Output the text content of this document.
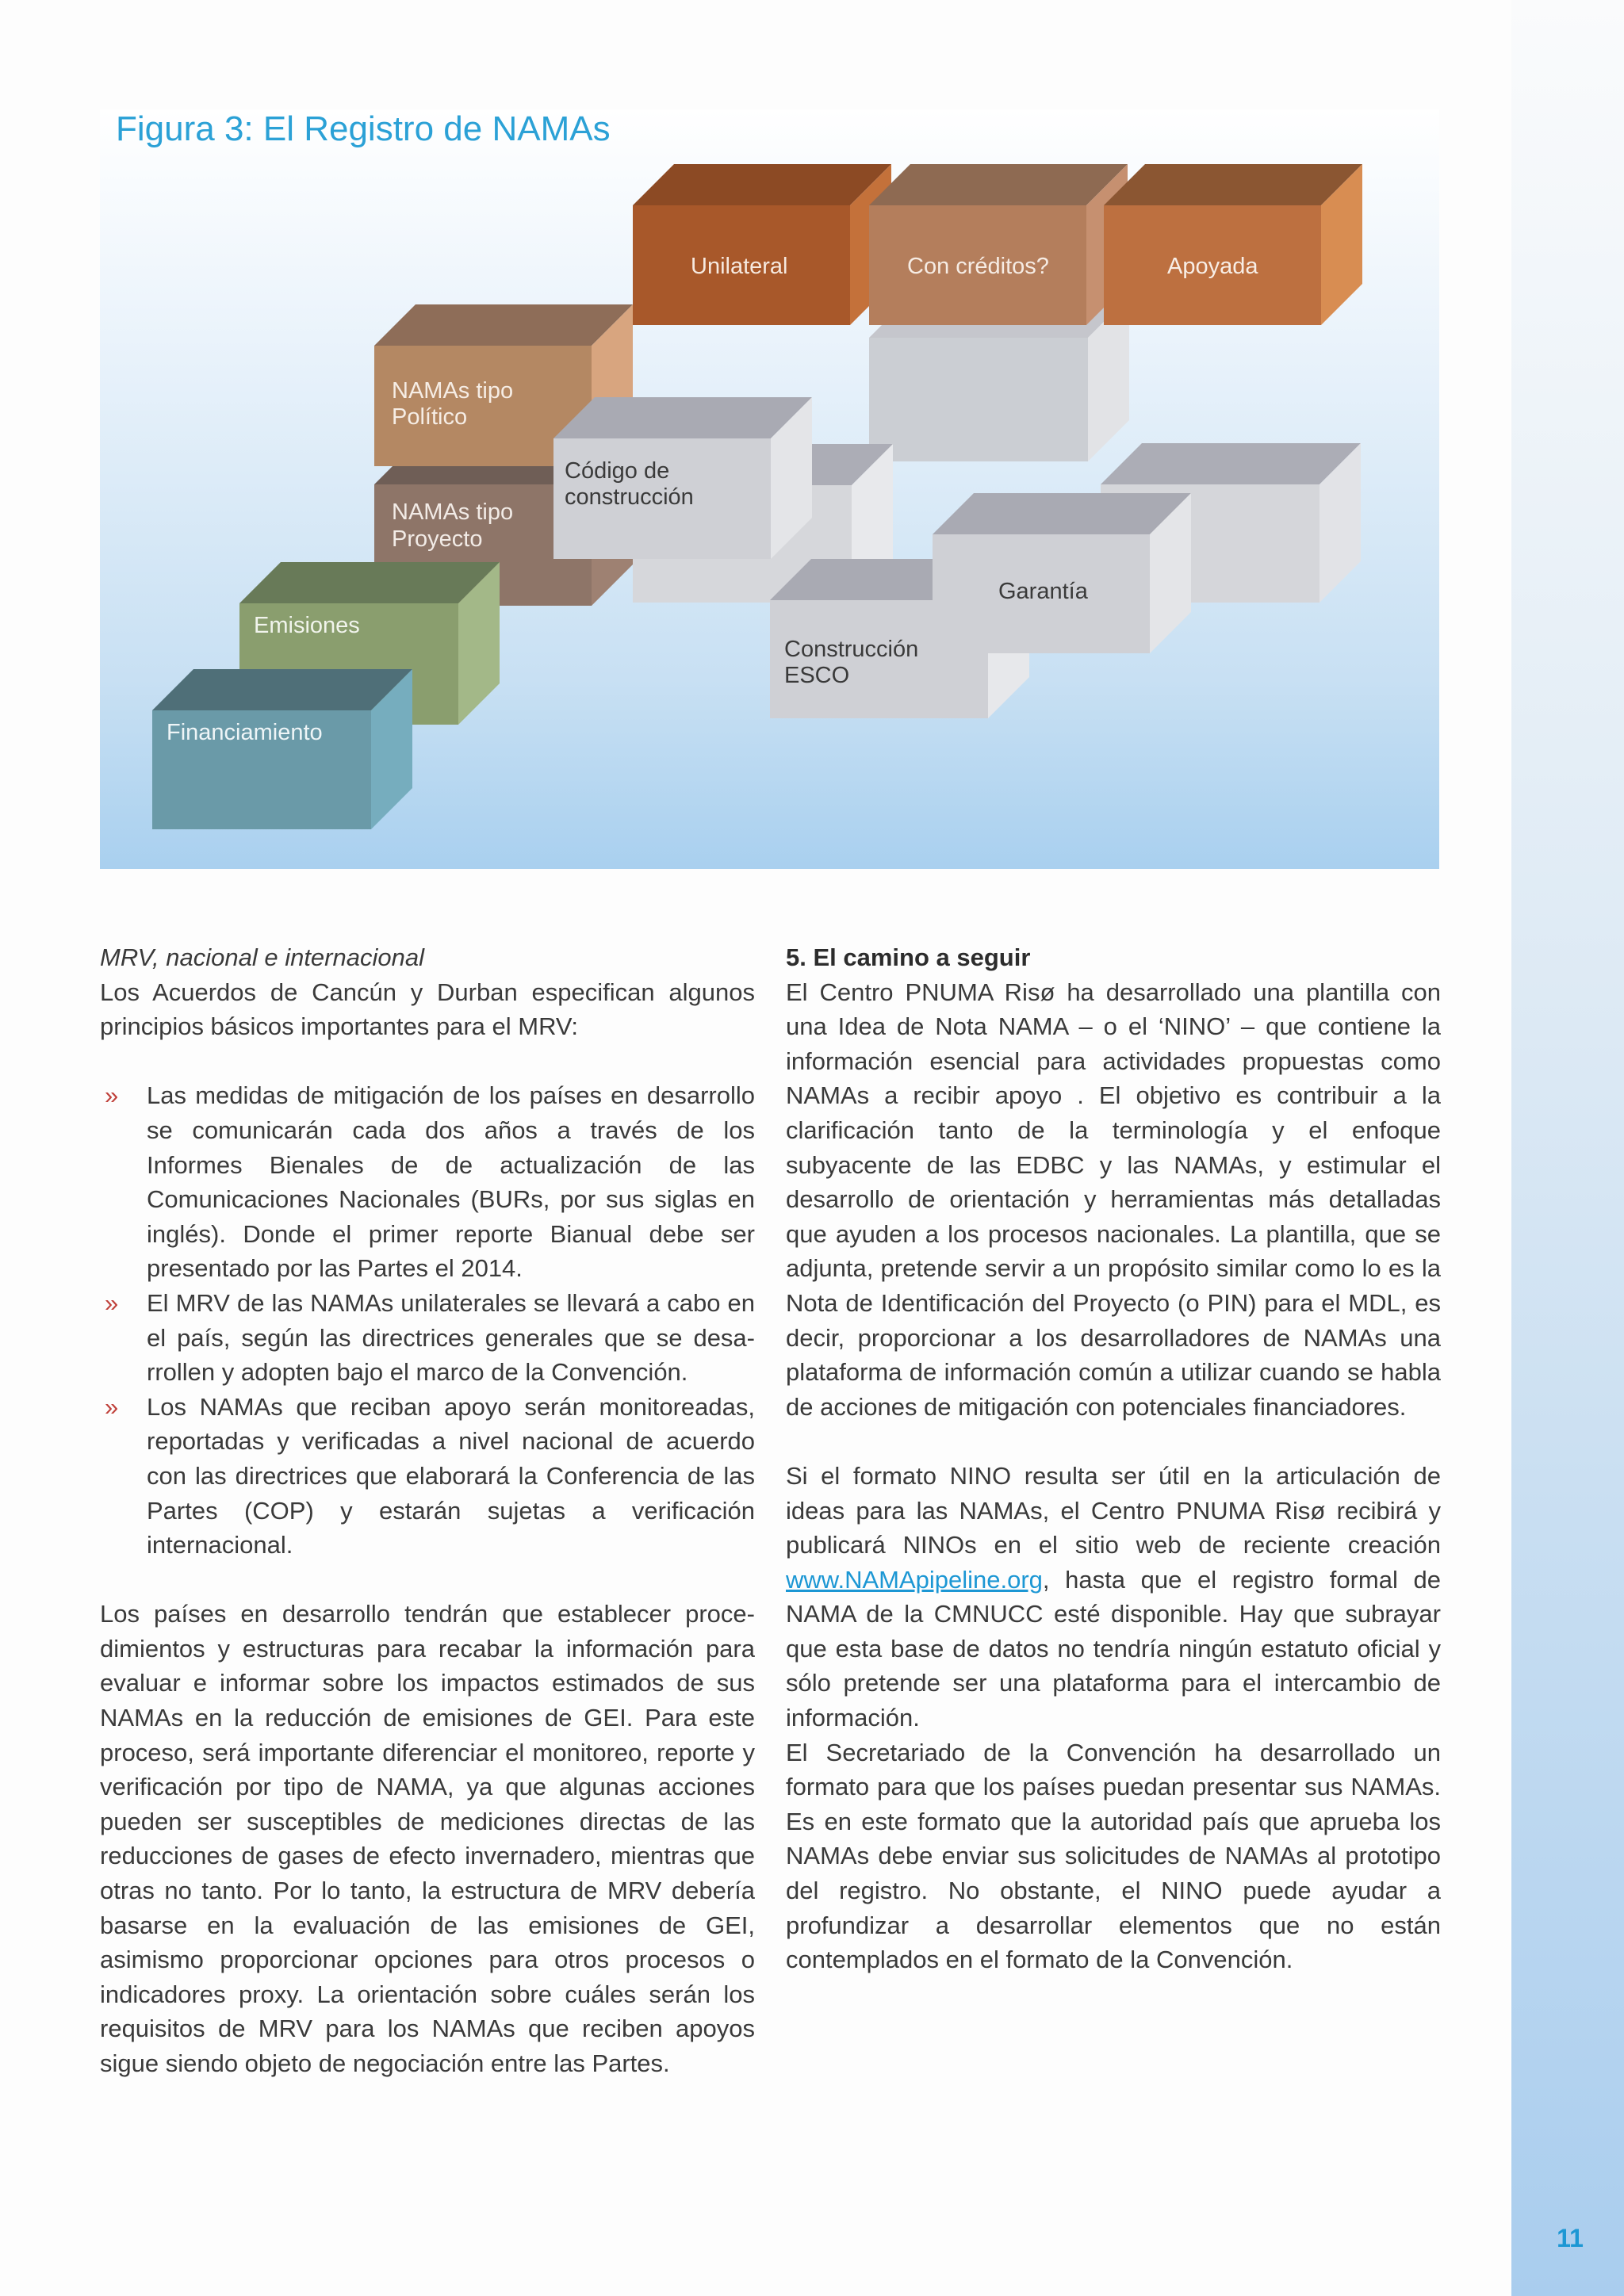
Unilateral	Con créditos?	Apoyada
NAMAs tipo
Proyecto
NAMAs tipo
Político
Código de
construcción
Emisiones
Financiamiento
Construcción
ESCO
Garantía
Figura 3: El Registro de NAMAs

MRV, nacional e internacional

Los Acuerdos de Cancún y Durban especifican algunos principios básicos importantes para el MRV:

» Las medidas de mitigación de los países en desarrollo se comunicarán cada dos años a través de los Informes Bienales de de actualización de las Comunicaciones Nacionales (BURs, por sus siglas en inglés). Donde el primer reporte Bianual debe ser presentado por las Partes el 2014.
» El MRV de las NAMAs unilaterales se llevará a cabo en el país, según las directrices generales que se desa-rrollen y adopten bajo el marco de la Convención.
» Los NAMAs que reciban apoyo serán monitoreadas, reportadas y verificadas a nivel nacional de acuerdo con las directrices que elaborará la Conferencia de las Partes (COP) y estarán sujetas a verificación internacional.

Los países en desarrollo tendrán que establecer proce-dimientos y estructuras para recabar la información para evaluar e informar sobre los impactos estimados de sus NAMAs en la reducción de emisiones de GEI. Para este proceso, será importante diferenciar el monitoreo, reporte y verificación por tipo de NAMA, ya que algunas acciones pueden ser susceptibles de mediciones directas de las reducciones de gases de efecto invernadero, mientras que otras no tanto. Por lo tanto, la estructura de MRV debería basarse en la evaluación de las emisiones de GEI, asimismo proporcionar opciones para otros procesos o indicadores proxy. La orientación sobre cuáles serán los requisitos de MRV para los NAMAs que reciben apoyos sigue siendo objeto de negociación entre las Partes.

5. El camino a seguir

El Centro PNUMA Risø ha desarrollado una plantilla con una Idea de Nota NAMA – o el ‘NINO’ – que contiene la información esencial para actividades propuestas como NAMAs a recibir apoyo . El objetivo es contribuir a la clarificación tanto de la terminología y el enfoque subyacente de las EDBC y las NAMAs, y estimular el desarrollo de orientación y herramientas más detalladas que ayuden a los procesos nacionales. La plantilla, que se adjunta, pretende servir a un propósito similar como lo es la Nota de Identificación del Proyecto (o PIN) para el MDL, es decir, proporcionar a los desarrolladores de NAMAs una plataforma de información común a utilizar cuando se habla de acciones de mitigación con potenciales financiadores.

Si el formato NINO resulta ser útil en la articulación de ideas para las NAMAs, el Centro PNUMA Risø recibirá y publicará NINOs en el sitio web de reciente creación www.NAMApipeline.org, hasta que el registro formal de NAMA de la CMNUCC esté disponible. Hay que subrayar que esta base de datos no tendría ningún estatuto oficial y sólo pretende ser una plataforma para el intercambio de información.

El Secretariado de la Convención ha desarrollado un formato para que los países puedan presentar sus NAMAs. Es en este formato que la autoridad país que aprueba los NAMAs debe enviar sus solicitudes de NAMAs al prototipo del registro. No obstante, el NINO puede ayudar a profundizar a desarrollar elementos que no están contemplados en el formato de la Convención.

11
